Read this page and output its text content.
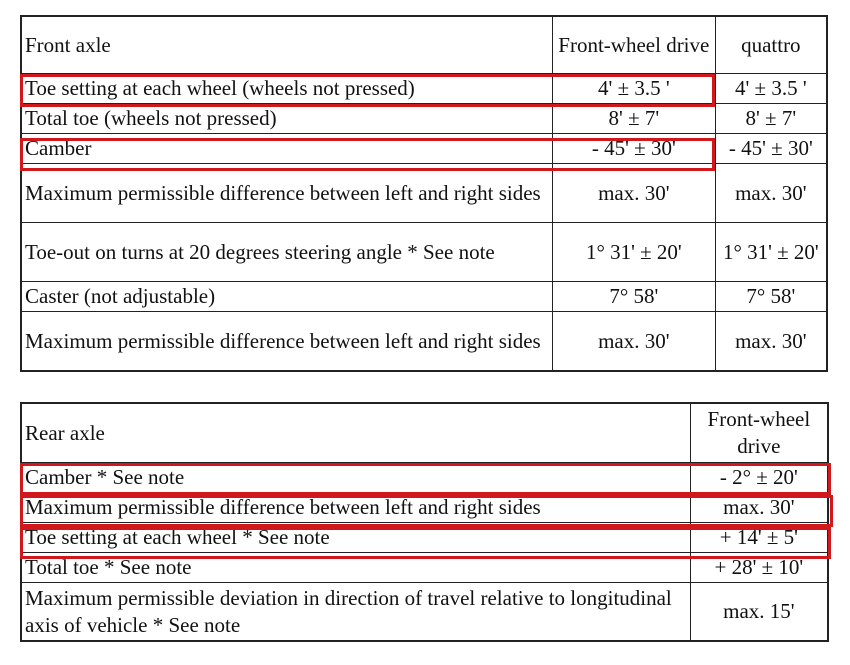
Front axle	Front-wheel drive	quattro
Toe setting at each wheel (wheels not pressed)	4' ± 3.5 '	4' ± 3.5 '
Total toe (wheels not pressed)	8' ± 7'	8' ± 7'
Camber	- 45' ± 30'	- 45' ± 30'
Maximum permissible difference between left and right sides	max. 30'	max. 30'
Toe-out on turns at 20 degrees steering angle * See note	1° 31' ± 20'	1° 31' ± 20'
Caster (not adjustable)	7° 58'	7° 58'
Maximum permissible difference between left and right sides	max. 30'	max. 30'
Rear axle	Front-wheel drive
Camber * See note	- 2° ± 20'
Maximum permissible difference between left and right sides	max. 30'
Toe setting at each wheel * See note	+ 14' ± 5'
Total toe * See note	+ 28' ± 10'
Maximum permissible deviation in direction of travel relative to longitudinal axis of vehicle * See note	max. 15'
